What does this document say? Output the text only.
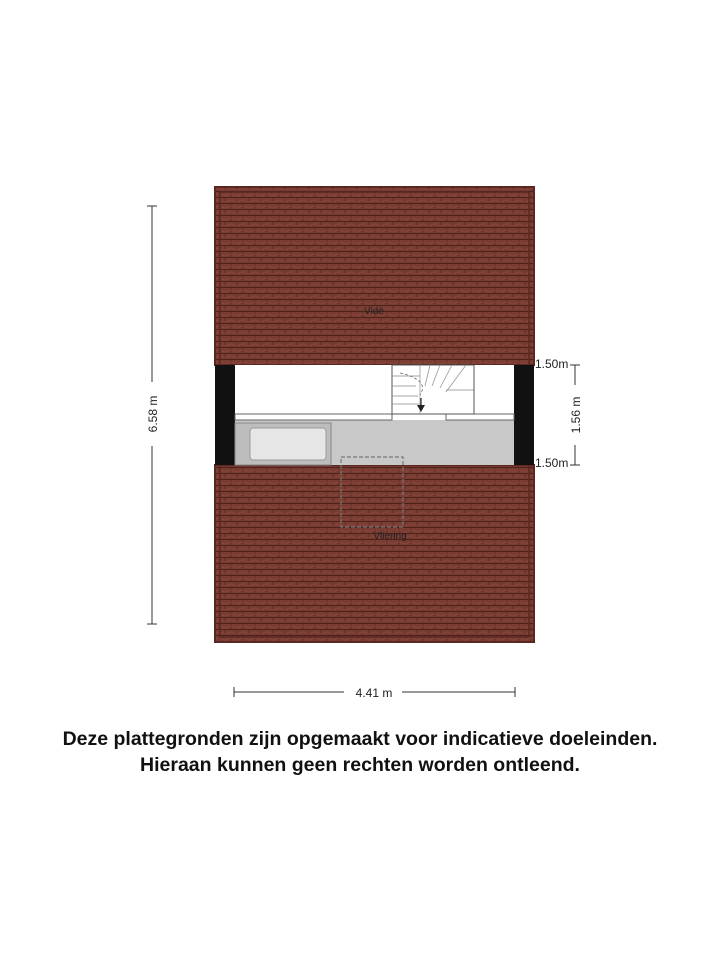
Vide
Vliering
6.58 m
4.41 m
1.56 m
1.50m
1.50m
Deze plattegronden zijn opgemaakt voor indicatieve doeleinden.
Hieraan kunnen geen rechten worden ontleend.
